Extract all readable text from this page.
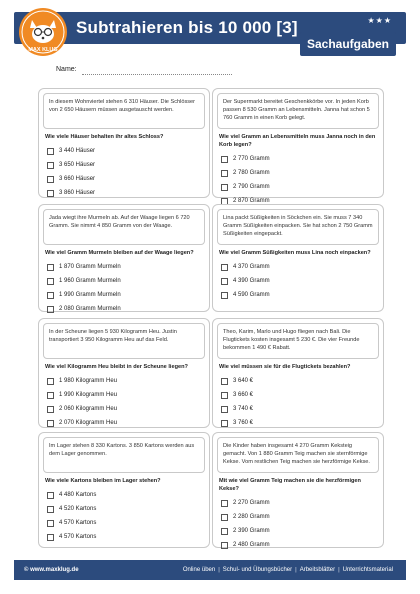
MAX KLUG
Subtrahieren bis 10 000 [3]	★★★
Sachaufgaben
Name:
In diesem Wohnviertel stehen 6 310 Häuser. Die Schlösser von 2 650 Häusern müssen ausgetauscht werden.
Wie viele Häuser behalten ihr altes Schloss?
3 440 Häuser
3 650 Häuser
3 660 Häuser
3 860 Häuser
Der Supermarkt bereitet Geschenkkörbe vor. In jeden Korb passen 8 530 Gramm an Lebensmitteln. Janna hat schon 5 760 Gramm in einen Korb gelegt.
Wie viel Gramm an Lebensmitteln muss Janna noch in den Korb legen?
2 770 Gramm
2 780 Gramm
2 790 Gramm
2 870 Gramm
Jada wiegt ihre Murmeln ab. Auf der Waage liegen 6 720 Gramm. Sie nimmt 4 850 Gramm von der Waage.
Wie viel Gramm Murmeln bleiben auf der Waage liegen?
1 870 Gramm Murmeln
1 960 Gramm Murmeln
1 990 Gramm Murmeln
2 080 Gramm Murmeln
Lina packt Süßigkeiten in Söckchen ein. Sie muss 7 340 Gramm Süßigkeiten einpacken. Sie hat schon 2 750 Gramm Süßigkeiten eingepackt.
Wie viel Gramm Süßigkeiten muss Lina noch einpacken?
4 370 Gramm
4 390 Gramm
4 590 Gramm
In der Scheune liegen 5 930 Kilogramm Heu. Justin transportiert 3 950 Kilogramm Heu auf das Feld.
Wie viel Kilogramm Heu bleibt in der Scheune liegen?
1 980 Kilogramm Heu
1 990 Kilogramm Heu
2 060 Kilogramm Heu
2 070 Kilogramm Heu
Theo, Karim, Marlo und Hugo fliegen nach Bali. Die Flugtickets kosten insgesamt 5 230 €. Die vier Freunde bekommen 1 490 € Rabatt.
Wie viel müssen sie für die Flugtickets bezahlen?
3 640 €
3 660 €
3 740 €
3 760 €
Im Lager stehen 8 330 Kartons. 3 850 Kartons werden aus dem Lager genommen.
Wie viele Kartons bleiben im Lager stehen?
4 480 Kartons
4 520 Kartons
4 570 Kartons
4 570 Kartons
Die Kinder haben insgesamt 4 270 Gramm Keksteig gemacht. Von 1 880 Gramm Teig machen sie sternförmige Kekse. Vom restlichen Teig machen sie herzförmige Kekse.
Mit wie viel Gramm Teig machen sie die herzförmigen Kekse?
2 270 Gramm
2 280 Gramm
2 390 Gramm
2 480 Gramm
© www.maxklug.de	Online üben | Schul- und Übungsbücher | Arbeitsblätter | Unterrichtsmaterial
